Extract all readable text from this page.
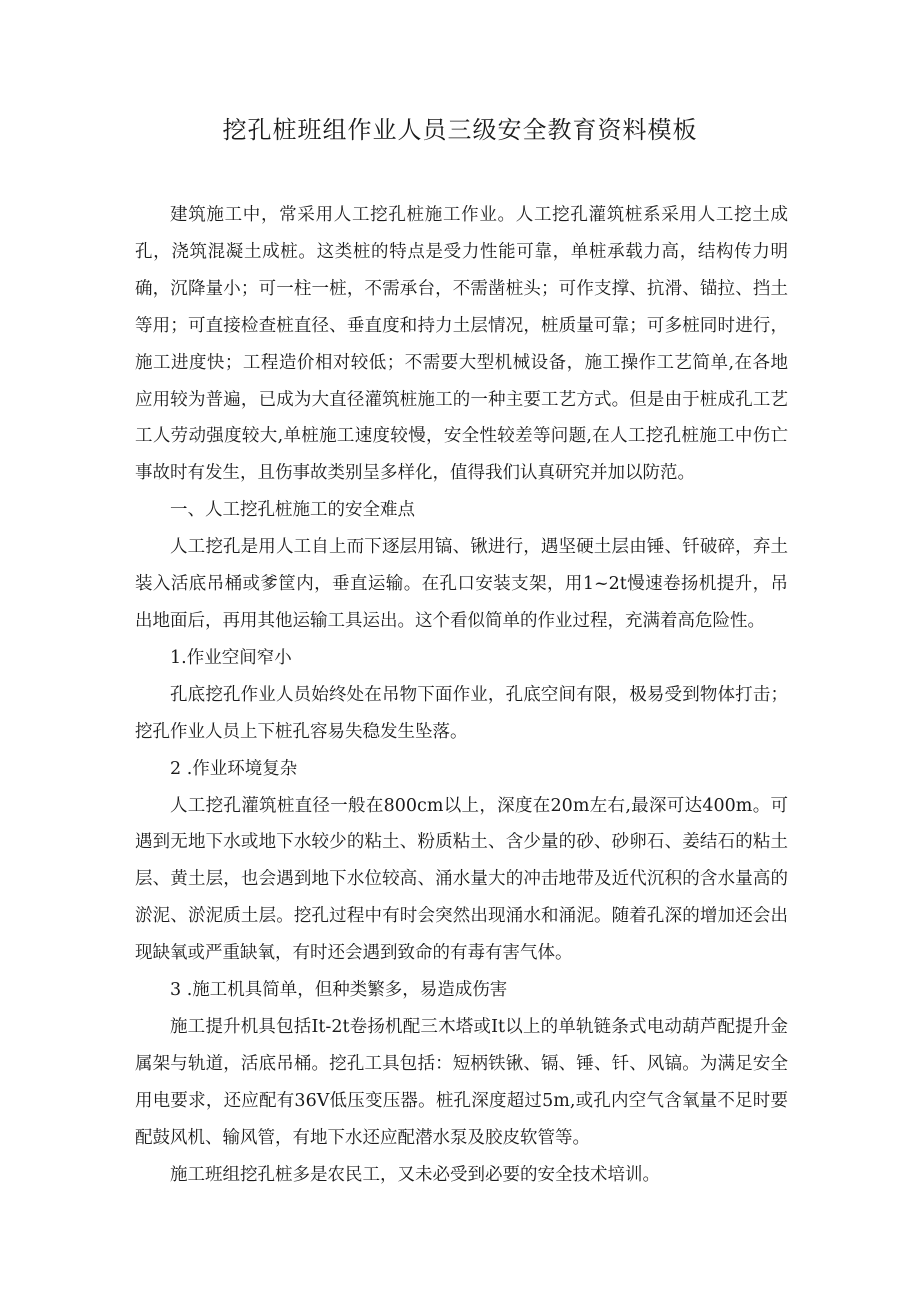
挖孔桩班组作业人员三级安全教育资料模板

建筑施工中，常采用人工挖孔桩施工作业。人工挖孔灌筑桩系采用人工挖土成孔，浇筑混凝土成桩。这类桩的特点是受力性能可靠，单桩承载力高，结构传力明确，沉降量小；可一柱一桩，不需承台，不需凿桩头；可作支撑、抗滑、锚拉、挡土等用；可直接检查桩直径、垂直度和持力土层情况，桩质量可靠；可多桩同时进行，施工进度快；工程造价相对较低；不需要大型机械设备，施工操作工艺简单,在各地应用较为普遍，已成为大直径灌筑桩施工的一种主要工艺方式。但是由于桩成孔工艺工人劳动强度较大,单桩施工速度较慢，安全性较差等问题,在人工挖孔桩施工中伤亡事故时有发生，且伤事故类别呈多样化，值得我们认真研究并加以防范。

一、人工挖孔桩施工的安全难点

人工挖孔是用人工自上而下逐层用镐、锹进行，遇坚硬土层由锤、钎破碎，弃土装入活底吊桶或爹筐内，垂直运输。在孔口安装支架，用1~2t慢速卷扬机提升，吊出地面后，再用其他运输工具运出。这个看似简单的作业过程，充满着高危险性。

1.作业空间窄小

孔底挖孔作业人员始终处在吊物下面作业，孔底空间有限，极易受到物体打击；挖孔作业人员上下桩孔容易失稳发生坠落。

2 .作业环境复杂

人工挖孔灌筑桩直径一般在800cm以上，深度在20m左右,最深可达400m。可遇到无地下水或地下水较少的粘土、粉质粘土、含少量的砂、砂卵石、姜结石的粘土层、黄土层，也会遇到地下水位较高、涌水量大的冲击地带及近代沉积的含水量高的淤泥、淤泥质土层。挖孔过程中有时会突然出现涌水和涌泥。随着孔深的增加还会出现缺氧或严重缺氧，有时还会遇到致命的有毒有害气体。

3 .施工机具简单，但种类繁多，易造成伤害

施工提升机具包括It-2t卷扬机配三木塔或It以上的单轨链条式电动葫芦配提升金属架与轨道，活底吊桶。挖孔工具包括：短柄铁锹、镉、锤、钎、风镐。为满足安全用电要求，还应配有36V低压变压器。桩孔深度超过5m,或孔内空气含氧量不足时要配鼓风机、输风管，有地下水还应配潜水泵及胶皮软管等。

施工班组挖孔桩多是农民工，又未必受到必要的安全技术培训。
